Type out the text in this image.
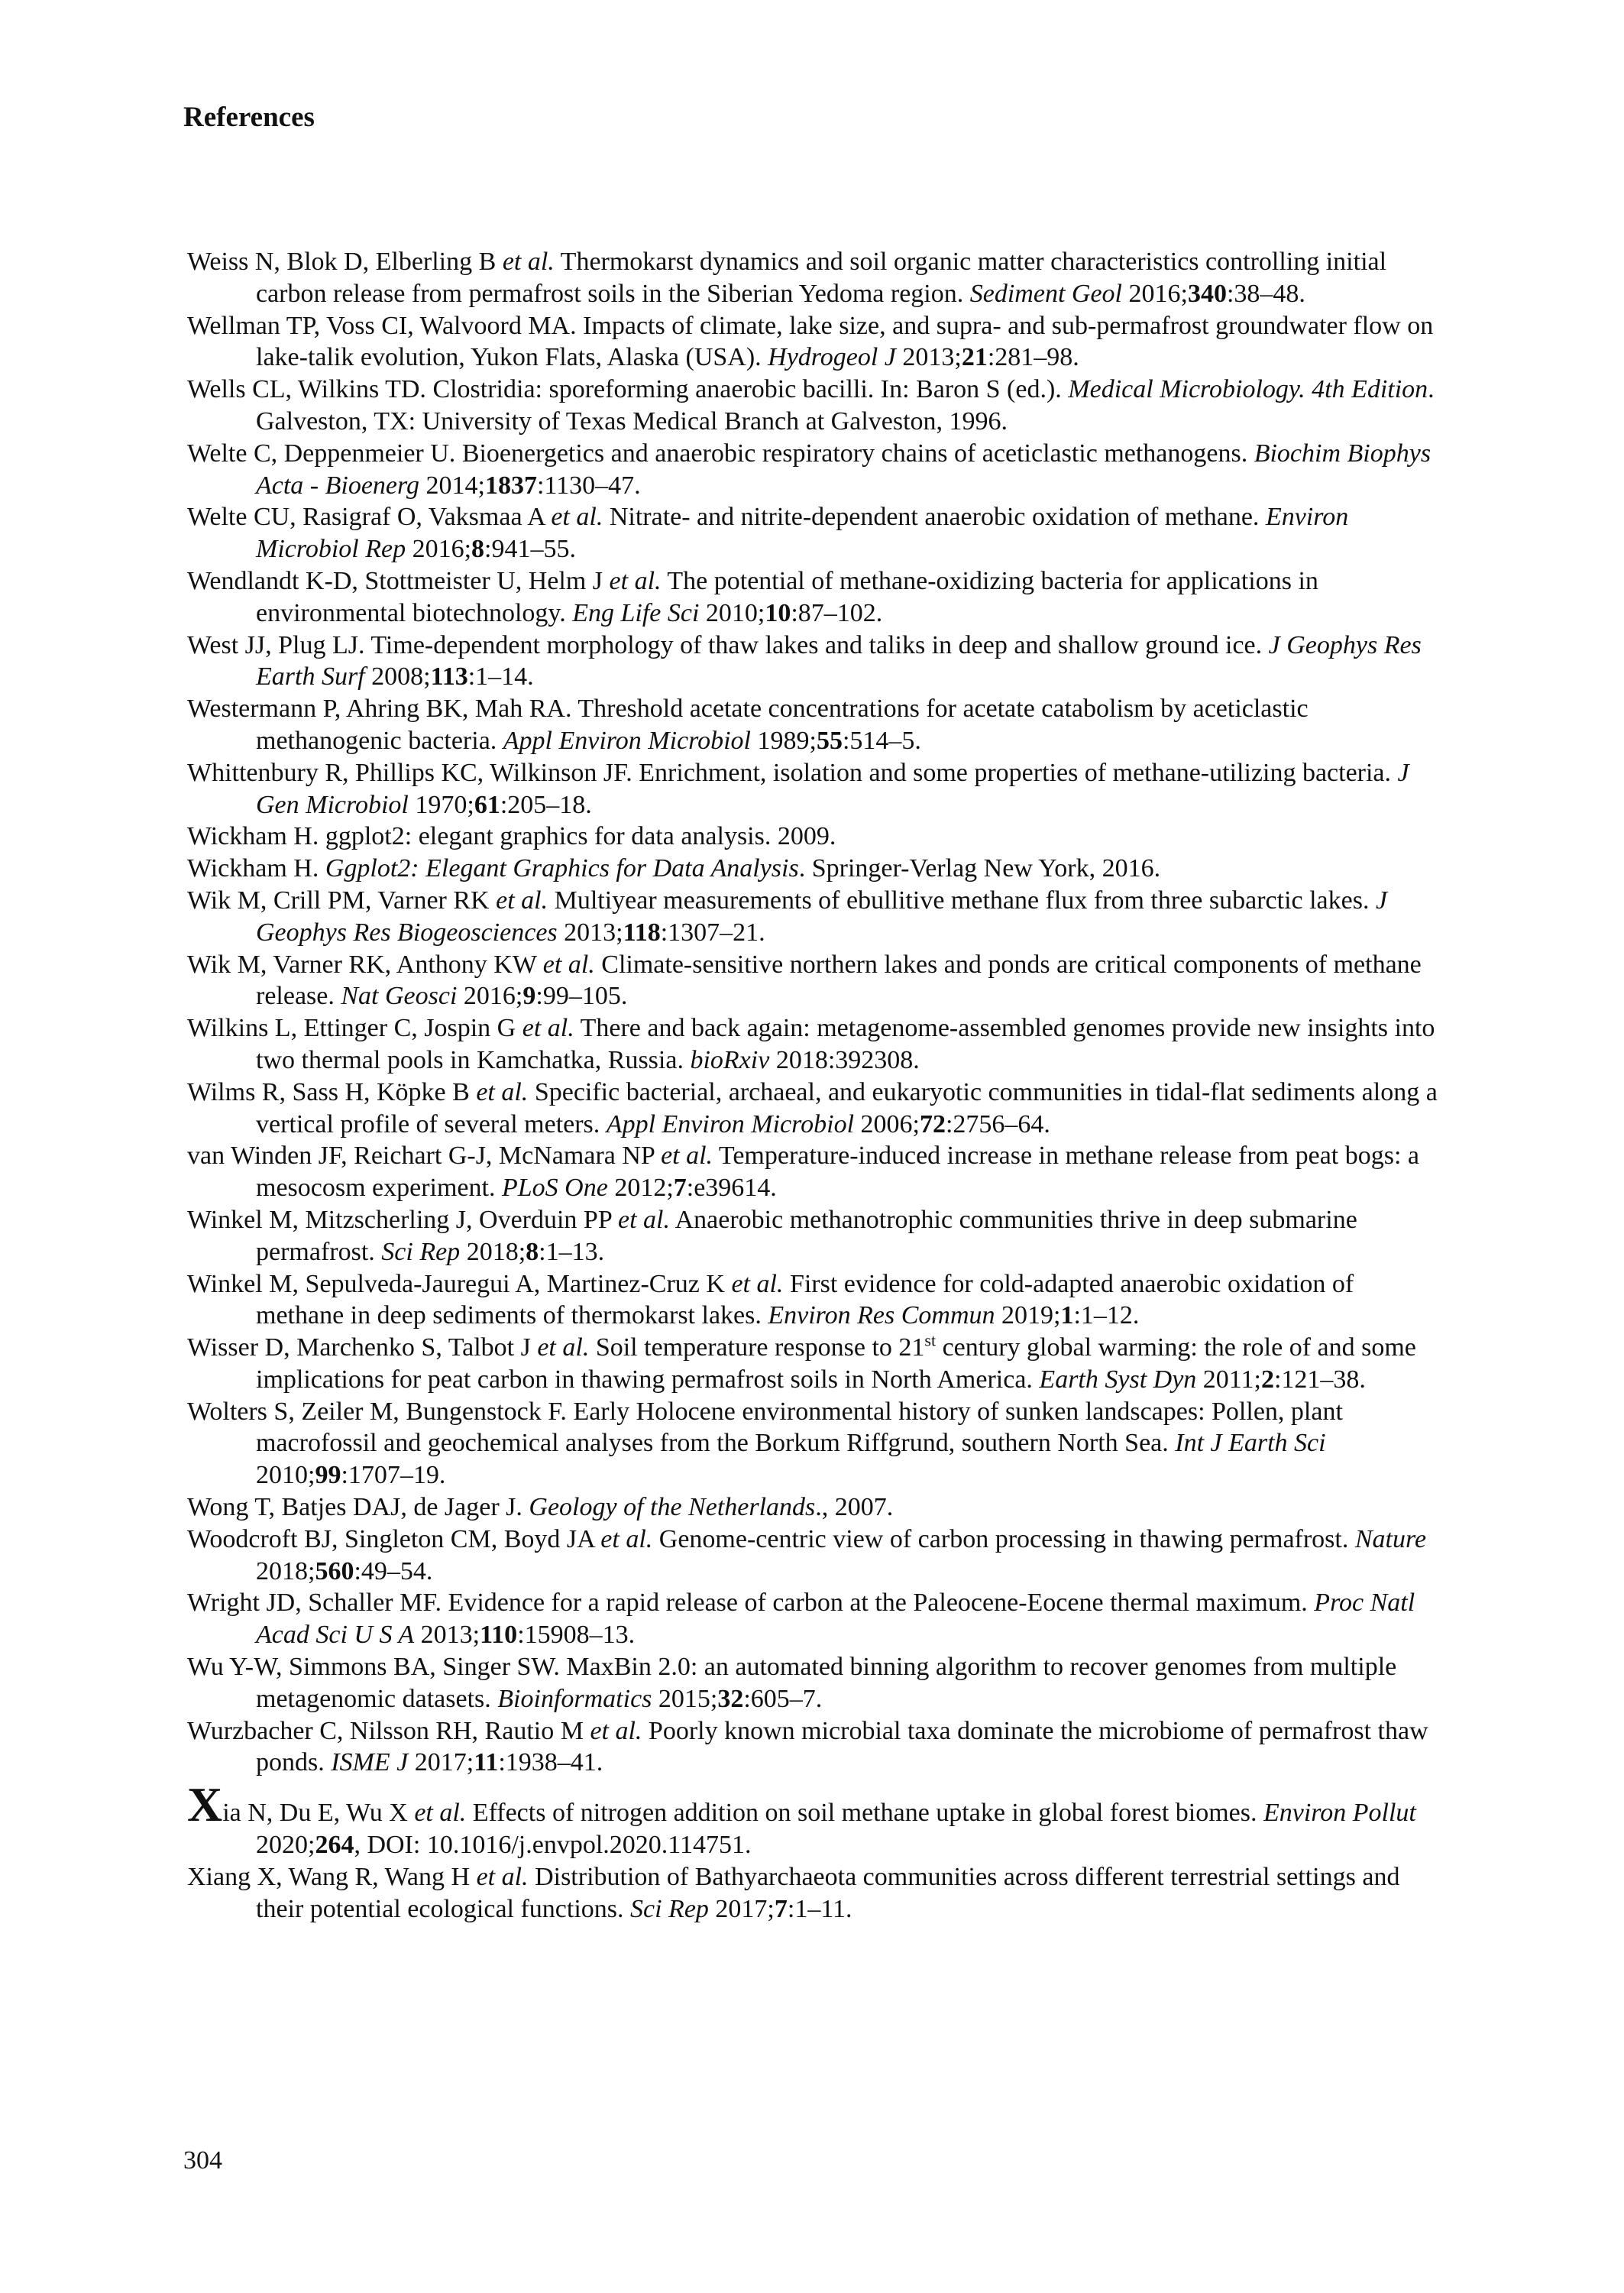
References
Weiss N, Blok D, Elberling B et al. Thermokarst dynamics and soil organic matter characteristics controlling initial carbon release from permafrost soils in the Siberian Yedoma region. Sediment Geol 2016;340:38–48.
Wellman TP, Voss CI, Walvoord MA. Impacts of climate, lake size, and supra- and sub-permafrost groundwater flow on lake-talik evolution, Yukon Flats, Alaska (USA). Hydrogeol J 2013;21:281–98.
Wells CL, Wilkins TD. Clostridia: sporeforming anaerobic bacilli. In: Baron S (ed.). Medical Microbiology. 4th Edition. Galveston, TX: University of Texas Medical Branch at Galveston, 1996.
Welte C, Deppenmeier U. Bioenergetics and anaerobic respiratory chains of aceticlastic methanogens. Biochim Biophys Acta - Bioenerg 2014;1837:1130–47.
Welte CU, Rasigraf O, Vaksmaa A et al. Nitrate- and nitrite-dependent anaerobic oxidation of methane. Environ Microbiol Rep 2016;8:941–55.
Wendlandt K-D, Stottmeister U, Helm J et al. The potential of methane-oxidizing bacteria for applications in environmental biotechnology. Eng Life Sci 2010;10:87–102.
West JJ, Plug LJ. Time-dependent morphology of thaw lakes and taliks in deep and shallow ground ice. J Geophys Res Earth Surf 2008;113:1–14.
Westermann P, Ahring BK, Mah RA. Threshold acetate concentrations for acetate catabolism by aceticlastic methanogenic bacteria. Appl Environ Microbiol 1989;55:514–5.
Whittenbury R, Phillips KC, Wilkinson JF. Enrichment, isolation and some properties of methane-utilizing bacteria. J Gen Microbiol 1970;61:205–18.
Wickham H. ggplot2: elegant graphics for data analysis. 2009.
Wickham H. Ggplot2: Elegant Graphics for Data Analysis. Springer-Verlag New York, 2016.
Wik M, Crill PM, Varner RK et al. Multiyear measurements of ebullitive methane flux from three subarctic lakes. J Geophys Res Biogeosciences 2013;118:1307–21.
Wik M, Varner RK, Anthony KW et al. Climate-sensitive northern lakes and ponds are critical components of methane release. Nat Geosci 2016;9:99–105.
Wilkins L, Ettinger C, Jospin G et al. There and back again: metagenome-assembled genomes provide new insights into two thermal pools in Kamchatka, Russia. bioRxiv 2018:392308.
Wilms R, Sass H, Köpke B et al. Specific bacterial, archaeal, and eukaryotic communities in tidal-flat sediments along a vertical profile of several meters. Appl Environ Microbiol 2006;72:2756–64.
van Winden JF, Reichart G-J, McNamara NP et al. Temperature-induced increase in methane release from peat bogs: a mesocosm experiment. PLoS One 2012;7:e39614.
Winkel M, Mitzscherling J, Overduin PP et al. Anaerobic methanotrophic communities thrive in deep submarine permafrost. Sci Rep 2018;8:1–13.
Winkel M, Sepulveda-Jauregui A, Martinez-Cruz K et al. First evidence for cold-adapted anaerobic oxidation of methane in deep sediments of thermokarst lakes. Environ Res Commun 2019;1:1–12.
Wisser D, Marchenko S, Talbot J et al. Soil temperature response to 21st century global warming: the role of and some implications for peat carbon in thawing permafrost soils in North America. Earth Syst Dyn 2011;2:121–38.
Wolters S, Zeiler M, Bungenstock F. Early Holocene environmental history of sunken landscapes: Pollen, plant macrofossil and geochemical analyses from the Borkum Riffgrund, southern North Sea. Int J Earth Sci 2010;99:1707–19.
Wong T, Batjes DAJ, de Jager J. Geology of the Netherlands., 2007.
Woodcroft BJ, Singleton CM, Boyd JA et al. Genome-centric view of carbon processing in thawing permafrost. Nature 2018;560:49–54.
Wright JD, Schaller MF. Evidence for a rapid release of carbon at the Paleocene-Eocene thermal maximum. Proc Natl Acad Sci U S A 2013;110:15908–13.
Wu Y-W, Simmons BA, Singer SW. MaxBin 2.0: an automated binning algorithm to recover genomes from multiple metagenomic datasets. Bioinformatics 2015;32:605–7.
Wurzbacher C, Nilsson RH, Rautio M et al. Poorly known microbial taxa dominate the microbiome of permafrost thaw ponds. ISME J 2017;11:1938–41.
Xia N, Du E, Wu X et al. Effects of nitrogen addition on soil methane uptake in global forest biomes. Environ Pollut 2020;264, DOI: 10.1016/j.envpol.2020.114751.
Xiang X, Wang R, Wang H et al. Distribution of Bathyarchaeota communities across different terrestrial settings and their potential ecological functions. Sci Rep 2017;7:1–11.
304
